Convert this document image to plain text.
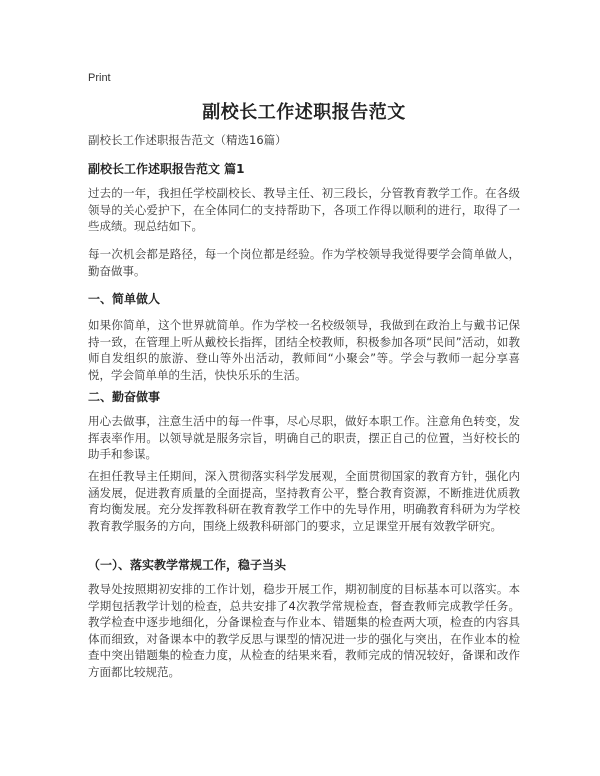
Print
副校长工作述职报告范文
副校长工作述职报告范文（精选16篇）
副校长工作述职报告范文 篇1
过去的一年，我担任学校副校长、教导主任、初三段长，分管教育教学工作。在各级领导的关心爱护下，在全体同仁的支持帮助下，各项工作得以顺利的进行，取得了一些成绩。现总结如下。
每一次机会都是路径，每一个岗位都是经验。作为学校领导我觉得要学会简单做人，勤奋做事。
一、简单做人
如果你简单，这个世界就简单。作为学校一名校级领导，我做到在政治上与戴书记保持一致，在管理上听从戴校长指挥，团结全校教师，积极参加各项“民间”活动，如教师自发组织的旅游、登山等外出活动，教师间“小聚会”等。学会与教师一起分享喜悦，学会简单单的生活，快快乐乐的生活。
二、勤奋做事
用心去做事，注意生活中的每一件事，尽心尽职，做好本职工作。注意角色转变，发挥表率作用。以领导就是服务宗旨，明确自己的职责，摆正自己的位置，当好校长的助手和参谋。
在担任教导主任期间，深入贯彻落实科学发展观，全面贯彻国家的教育方针，强化内涵发展，促进教育质量的全面提高，坚持教育公平，整合教育资源，不断推进优质教育均衡发展。充分发挥教科研在教育教学工作中的先导作用，明确教育科研为为学校教育教学服务的方向，围绕上级教科研部门的要求，立足课堂开展有效教学研究。
（一）、落实教学常规工作，稳子当头
教导处按照期初安排的工作计划，稳步开展工作，期初制度的目标基本可以落实。本学期包括教学计划的检查，总共安排了4次教学常规检查，督查教师完成教学任务。教学检查中逐步地细化，分备课检查与作业本、错题集的检查两大项，检查的内容具体而细致，对备课本中的教学反思与课型的情况进一步的强化与突出，在作业本的检查中突出错题集的检查力度，从检查的结果来看，教师完成的情况较好，备课和改作方面都比较规范。
